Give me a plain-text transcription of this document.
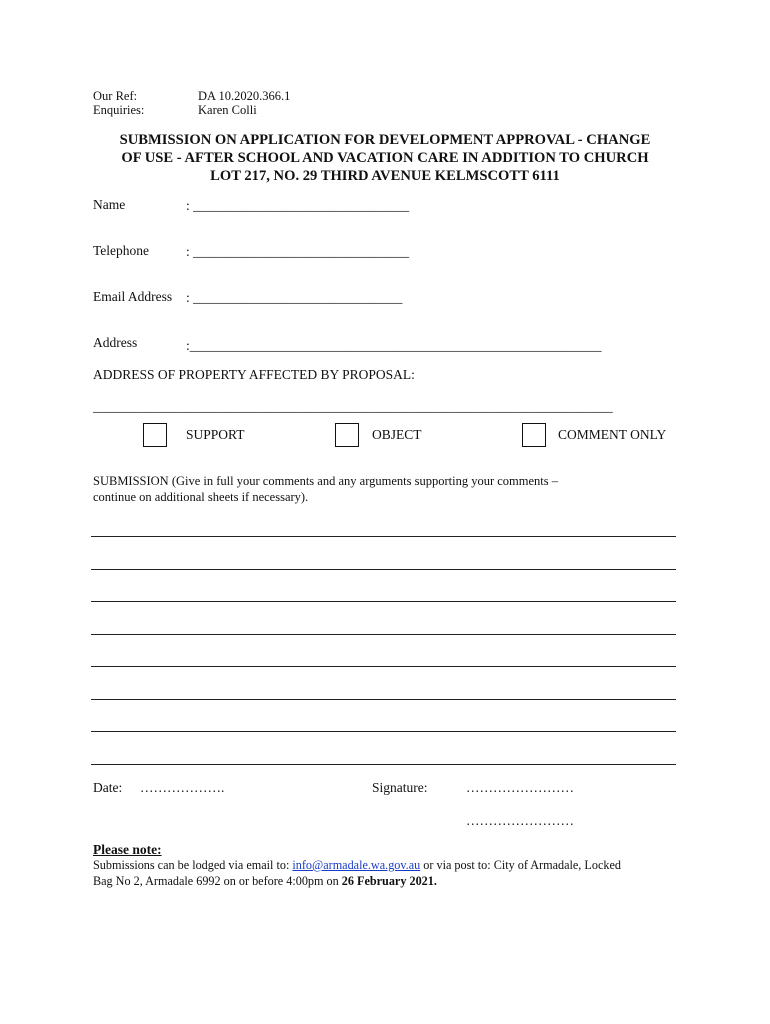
Our Ref:	DA 10.2020.366.1
Enquiries:	Karen Colli
SUBMISSION ON APPLICATION FOR DEVELOPMENT APPROVAL - CHANGE
OF USE - AFTER SCHOOL AND VACATION CARE IN ADDITION TO CHURCH
LOT 217, NO. 29 THIRD AVENUE KELMSCOTT 6111
Name	: ________________________________
Telephone	: ________________________________
Email Address : _______________________________
Address	:_____________________________________________________________
ADDRESS OF PROPERTY AFFECTED BY PROPOSAL:
_____________________________________________________________________________
SUPPORT	OBJECT	COMMENT ONLY
SUBMISSION (Give in full your comments and any arguments supporting your comments –
continue on additional sheets if necessary).
Date: ……………….	Signature:	……………………
……………………
Please note:
Submissions can be lodged via email to: info@armadale.wa.gov.au or via post to: City of Armadale, Locked
Bag No 2, Armadale 6992 on or before 4:00pm on 26 February 2021.
